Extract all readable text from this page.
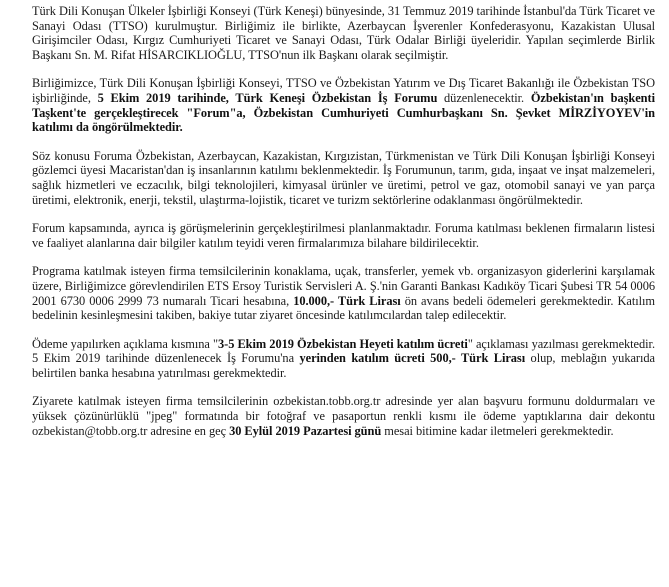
Türk Dili Konuşan Ülkeler İşbirliği Konseyi (Türk Keneşi) bünyesinde, 31 Temmuz 2019 tarihinde İstanbul'da Türk Ticaret ve Sanayi Odası (TTSO) kurulmuştur. Birliğimiz ile birlikte, Azerbaycan İşverenler Konfederasyonu, Kazakistan Ulusal Girişimciler Odası, Kırgız Cumhuriyeti Ticaret ve Sanayi Odası, Türk Odalar Birliği üyeleridir. Yapılan seçimlerde Birlik Başkanı Sn. M. Rifat HİSARCIKLIOĞLU, TTSO'nun ilk Başkanı olarak seçilmiştir.

Birliğimizce, Türk Dili Konuşan İşbirliği Konseyi, TTSO ve Özbekistan Yatırım ve Dış Ticaret Bakanlığı ile Özbekistan TSO işbirliğinde, 5 Ekim 2019 tarihinde, Türk Keneşi Özbekistan İş Forumu düzenlenecektir. Özbekistan'ın başkenti Taşkent'te gerçekleştirecek "Forum"a, Özbekistan Cumhuriyeti Cumhurbaşkanı Sn. Şevket MİRZİYOYEV'in katılımı da öngörülmektedir.

Söz konusu Foruma Özbekistan, Azerbaycan, Kazakistan, Kırgızistan, Türkmenistan ve Türk Dili Konuşan İşbirliği Konseyi gözlemci üyesi Macaristan'dan iş insanlarının katılımı beklenmektedir. İş Forumunun, tarım, gıda, inşaat ve inşat malzemeleri, sağlık hizmetleri ve eczacılık, bilgi teknolojileri, kimyasal ürünler ve üretimi, petrol ve gaz, otomobil sanayi ve yan parça üretimi, elektronik, enerji, tekstil, ulaştırma-lojistik, ticaret ve turizm sektörlerine odaklanması öngörülmektedir.

Forum kapsamında, ayrıca iş görüşmelerinin gerçekleştirilmesi planlanmaktadır. Foruma katılması beklenen firmaların listesi ve faaliyet alanlarına dair bilgiler katılım teyidi veren firmalarımıza bilahare bildirilecektir.

Programa katılmak isteyen firma temsilcilerinin konaklama, uçak, transferler, yemek vb. organizasyon giderlerini karşılamak üzere, Birliğimizce görevlendirilen ETS Ersoy Turistik Servisleri A. Ş.'nin Garanti Bankası Kadıköy Ticari Şubesi TR 54 0006 2001 6730 0006 2999 73 numaralı Ticari hesabına, 10.000,- Türk Lirası ön avans bedeli ödemeleri gerekmektedir. Katılım bedelinin kesinleşmesini takiben, bakiye tutar ziyaret öncesinde katılımcılardan talep edilecektir.

Ödeme yapılırken açıklama kısmına "3-5 Ekim 2019 Özbekistan Heyeti katılım ücreti" açıklaması yazılması gerekmektedir. 5 Ekim 2019 tarihinde düzenlenecek İş Forumu'na yerinden katılım ücreti 500,- Türk Lirası olup, meblağın yukarıda belirtilen banka hesabına yatırılması gerekmektedir.

Ziyarete katılmak isteyen firma temsilcilerinin ozbekistan.tobb.org.tr adresinde yer alan başvuru formunu doldurmaları ve yüksek çözünürlüklü "jpeg" formatında bir fotoğraf ve pasaportun renkli kısmı ile ödeme yaptıklarına dair dekontu ozbekistan@tobb.org.tr adresine en geç 30 Eylül 2019 Pazartesi günü mesai bitimine kadar iletmeleri gerekmektedir.
